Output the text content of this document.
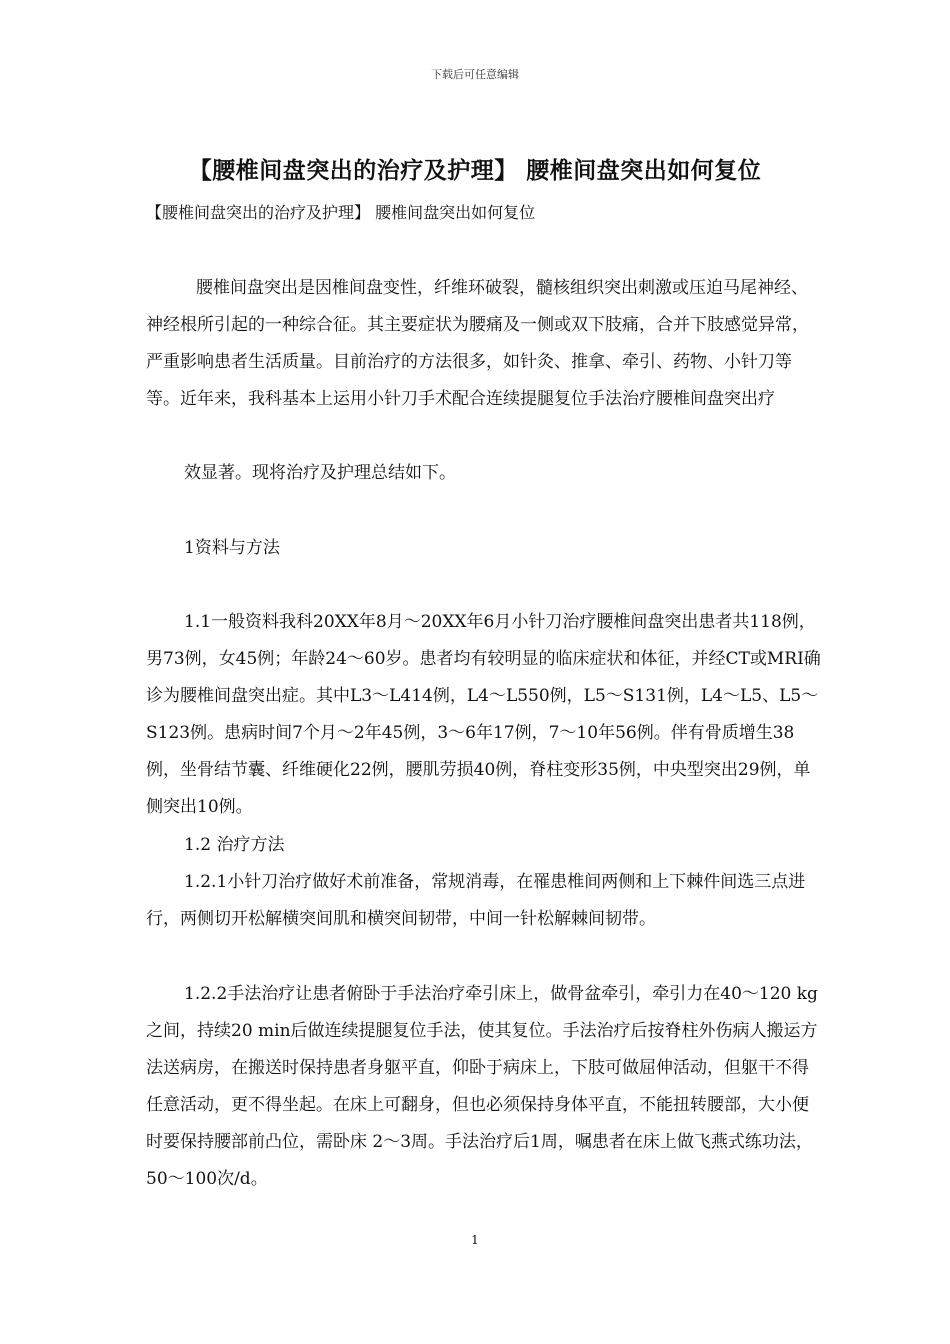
下载后可任意编辑
【腰椎间盘突出的治疗及护理】 腰椎间盘突出如何复位
【腰椎间盘突出的治疗及护理】 腰椎间盘突出如何复位

腰椎间盘突出是因椎间盘变性，纤维环破裂，髓核组织突出刺激或压迫马尾神经、神经根所引起的一种综合征。其主要症状为腰痛及一侧或双下肢痛，合并下肢感觉异常，严重影响患者生活质量。目前治疗的方法很多，如针灸、推拿、牵引、药物、小针刀等等。近年来，我科基本上运用小针刀手术配合连续提腿复位手法治疗腰椎间盘突出疗

效显著。现将治疗及护理总结如下。

1资料与方法

1.1一般资料我科20XX年8月～20XX年6月小针刀治疗腰椎间盘突出患者共118例，男73例，女45例；年龄24～60岁。患者均有较明显的临床症状和体征，并经CT或MRI确诊为腰椎间盘突出症。其中L3～L414例，L4～L550例，L5～S131例，L4～L5、L5～S123例。患病时间7个月～2年45例，3～6年17例，7～10年56例。伴有骨质增生38例，坐骨结节囊、纤维硬化22例，腰肌劳损40例，脊柱变形35例，中央型突出29例，单侧突出10例。

1.2 治疗方法

1.2.1小针刀治疗做好术前准备，常规消毒，在罹患椎间两侧和上下棘件间选三点进行，两侧切开松解横突间肌和横突间韧带，中间一针松解棘间韧带。

1.2.2手法治疗让患者俯卧于手法治疗牵引床上，做骨盆牵引，牵引力在40～120 kg之间，持续20 min后做连续提腿复位手法，使其复位。手法治疗后按脊柱外伤病人搬运方法送病房，在搬送时保持患者身躯平直，仰卧于病床上，下肢可做屈伸活动，但躯干不得任意活动，更不得坐起。在床上可翻身，但也必须保持身体平直，不能扭转腰部，大小便时要保持腰部前凸位，需卧床 2～3周。手法治疗后1周，嘱患者在床上做飞燕式练功法，50～100次/d。

1
